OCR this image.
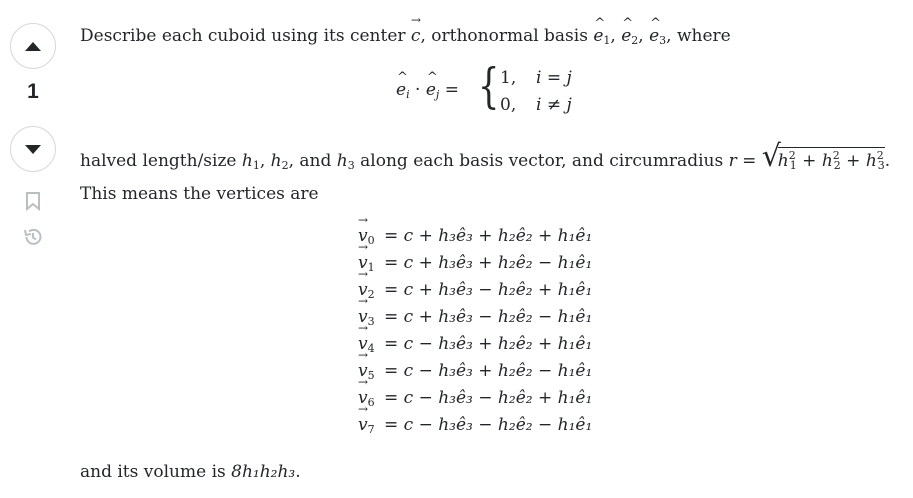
1
Describe each cuboid using its center → c, orthonormal basis ^ $e_1$, ^ $e_2$, ^ $e_3$, where
^ $e_i$ · ^ $e_j$ = { 1, i = j
0, i ≠ j
halved length/size $h_1$, $h_2$, and $h_3$ along each basis vector, and circumradius r = √
$h^2_1 + h^2_2 + h^2_3$.
This means the vertices are
and its volume is 8h₁h₂h₃.
→ $v_0 = c$ + h₃ê₃ + h₂ê₂ + h₁ê₁
→ $v_1 = c$ + h₃ê₃ + h₂ê₂ − h₁ê₁
→ $v_2 = c$ + h₃ê₃ − h₂ê₂ + h₁ê₁
→ $v_3 = c$ + h₃ê₃ − h₂ê₂ − h₁ê₁
→ $v_4 = c$ − h₃ê₃ + h₂ê₂ + h₁ê₁
→ $v_5 = c$ − h₃ê₃ + h₂ê₂ − h₁ê₁
→ $v_6 = c$ − h₃ê₃ − h₂ê₂ + h₁ê₁
→ $v_7 = c$ − h₃ê₃ − h₂ê₂ − h₁ê₁
